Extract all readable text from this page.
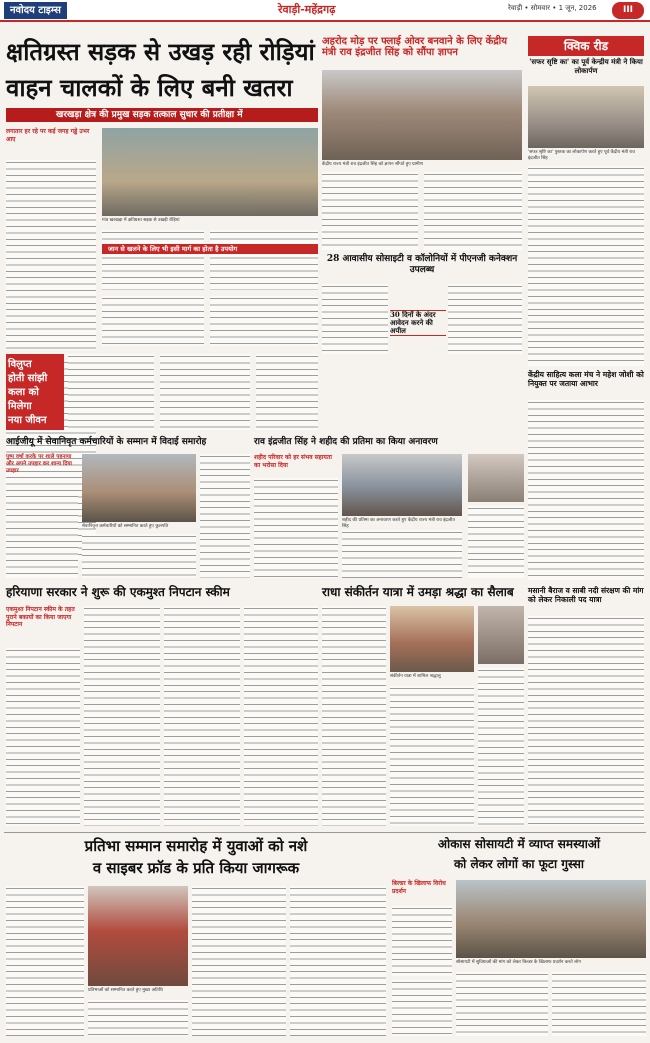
नवोदय टाइम्स	रेवाड़ी-महेंद्रगढ़	रेवाड़ी • सोमवार • 1 जून, 2026	III
क्षतिग्रस्त सड़क से उखड़ रही रोड़ियां
वाहन चालकों के लिए बनी खतरा
खरखड़ा क्षेत्र की प्रमुख सड़क तत्काल सुधार की प्रतीक्षा में
लगातार हर रहे पर कई जगह गड्ढे उभर आए
गांव खरखड़ा में क्षतिग्रस्त सड़क से उखड़ी रोड़ियां
जान से खलने के लिए भी इसी मार्ग का होता है उपयोग
अहरोद मोड़ पर फ्लाई ओवर बनवाने के लिए केंद्रीय मंत्री राव इंद्रजीत सिंह को सौंपा ज्ञापन
केंद्रीय राज्य मंत्री राव इंद्रजीत सिंह को ज्ञापन सौंपते हुए ग्रामीण
क्विक रीड
'सफर सृष्टि का' का पूर्व केन्द्रीय मंत्री ने किया लोकार्पण
'सफर सृष्टि का' पुस्तक का लोकार्पण करते हुए पूर्व केंद्रीय मंत्री राव इंद्रजीत सिंह
28 आवासीय सोसाइटी व कॉलोनियों में पीएनजी कनेक्शन उपलब्ध
30 दिनों के अंदर आवेदन करने की अपील
विलुप्त
होती सांझी
कला को
मिलेगा
नया जीवन
आईजीयू में सेवानिवृत कर्मचारियों के सम्मान में विदाई समारोह
पुष्प वर्षा करके पर शाले पहनाया और अपने उपहार कर शान्य दिया उपहार
सेवानिवृत्त कर्मचारियों को सम्मानित करते हुए कुलपति
राव इंद्रजीत सिंह ने शहीद की प्रतिमा का किया अनावरण
शहीद परिवार को हर संभव सहायता का भरोसा दिया
शहीद की प्रतिमा का अनावरण करते हुए केंद्रीय राज्य मंत्री राव इंद्रजीत सिंह
केंद्रीय साहित्य कला मंच ने महेश जोशी को नियुक्त पर जताया आभार
मसानी बैराज व साबी नदी संरक्षण की मांग को लेकर निकाली पद यात्रा
हरियाणा सरकार ने शुरू की एकमुश्त निपटान स्कीम
एकमुश्त निपटान स्कीम के तहत पुराने बकायों का किया जाएगा निपटान
राधा संकीर्तन यात्रा में उमड़ा श्रद्धा का सैलाब
संकीर्तन यात्रा में शामिल श्रद्धालु
प्रतिभा सम्मान समारोह में युवाओं को नशे
व साइबर फ्रॉड के प्रति किया जागरूक
प्रतिभाओं को सम्मानित करते हुए मुख्य अतिथि
ओकास सोसायटी में व्याप्त समस्याओं
को लेकर लोगों का फूटा गुस्सा
बिल्डर के खिलाफ विरोध प्रदर्शन
सोसायटी में सुविधाओं की मांग को लेकर बिल्डर के खिलाफ प्रदर्शन करते लोग
